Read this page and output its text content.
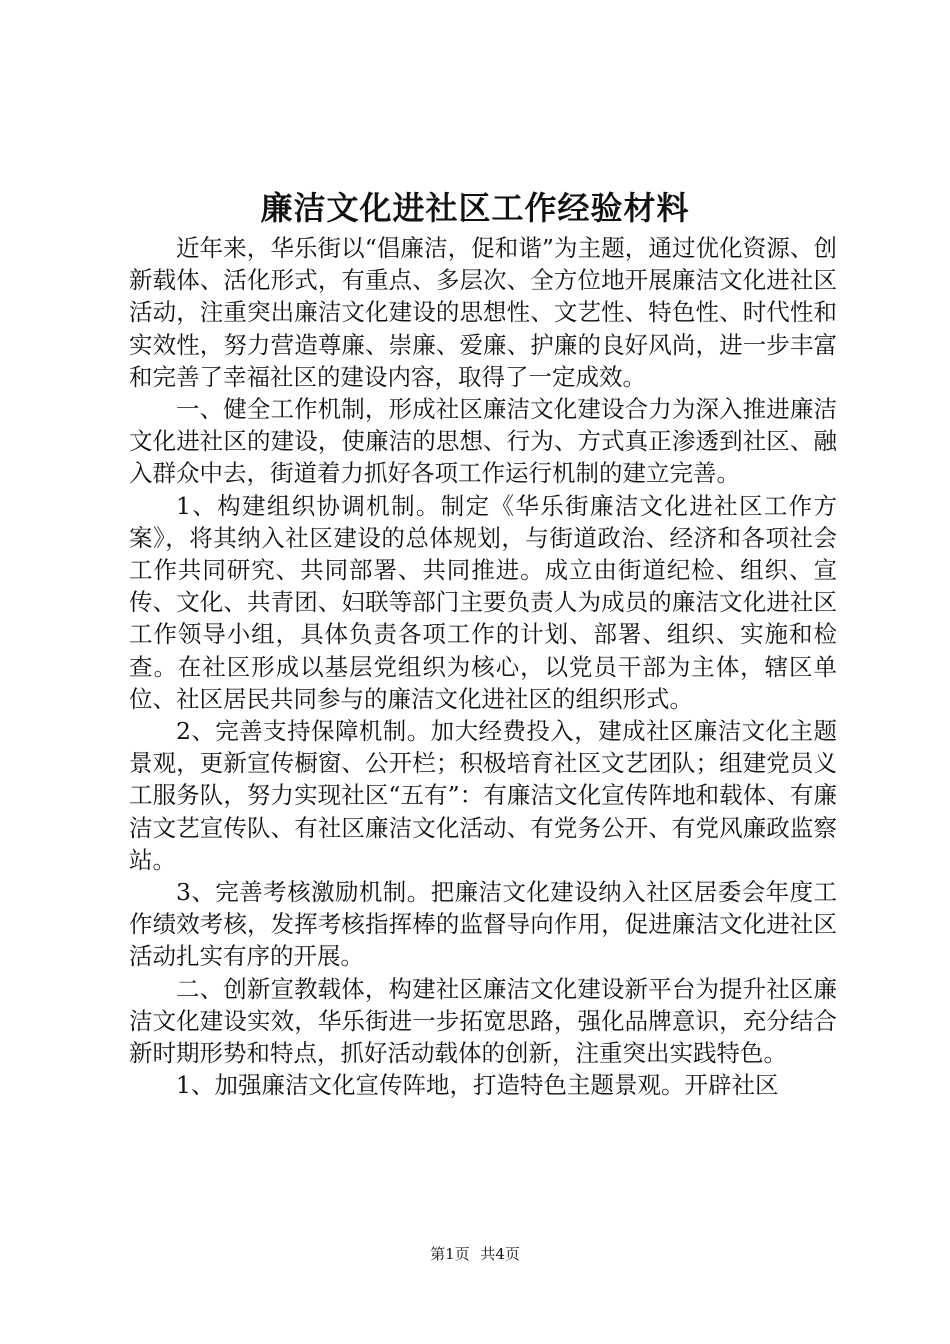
廉洁文化进社区工作经验材料

近年来，华乐街以“倡廉洁，促和谐”为主题，通过优化资源、创新载体、活化形式，有重点、多层次、全方位地开展廉洁文化进社区活动，注重突出廉洁文化建设的思想性、文艺性、特色性、时代性和实效性，努力营造尊廉、崇廉、爱廉、护廉的良好风尚，进一步丰富和完善了幸福社区的建设内容，取得了一定成效。

一、健全工作机制，形成社区廉洁文化建设合力为深入推进廉洁文化进社区的建设，使廉洁的思想、行为、方式真正渗透到社区、融入群众中去，街道着力抓好各项工作运行机制的建立完善。

1、构建组织协调机制。制定《华乐街廉洁文化进社区工作方案》，将其纳入社区建设的总体规划，与街道政治、经济和各项社会工作共同研究、共同部署、共同推进。成立由街道纪检、组织、宣传、文化、共青团、妇联等部门主要负责人为成员的廉洁文化进社区工作领导小组，具体负责各项工作的计划、部署、组织、实施和检查。在社区形成以基层党组织为核心，以党员干部为主体，辖区单位、社区居民共同参与的廉洁文化进社区的组织形式。

2、完善支持保障机制。加大经费投入，建成社区廉洁文化主题景观，更新宣传橱窗、公开栏；积极培育社区文艺团队；组建党员义工服务队，努力实现社区“五有”：有廉洁文化宣传阵地和载体、有廉洁文艺宣传队、有社区廉洁文化活动、有党务公开、有党风廉政监察站。

3、完善考核激励机制。把廉洁文化建设纳入社区居委会年度工作绩效考核，发挥考核指挥棒的监督导向作用，促进廉洁文化进社区活动扎实有序的开展。

二、创新宣教载体，构建社区廉洁文化建设新平台为提升社区廉洁文化建设实效，华乐街进一步拓宽思路，强化品牌意识，充分结合新时期形势和特点，抓好活动载体的创新，注重突出实践特色。

1、加强廉洁文化宣传阵地，打造特色主题景观。开辟社区

第1页 共4页
